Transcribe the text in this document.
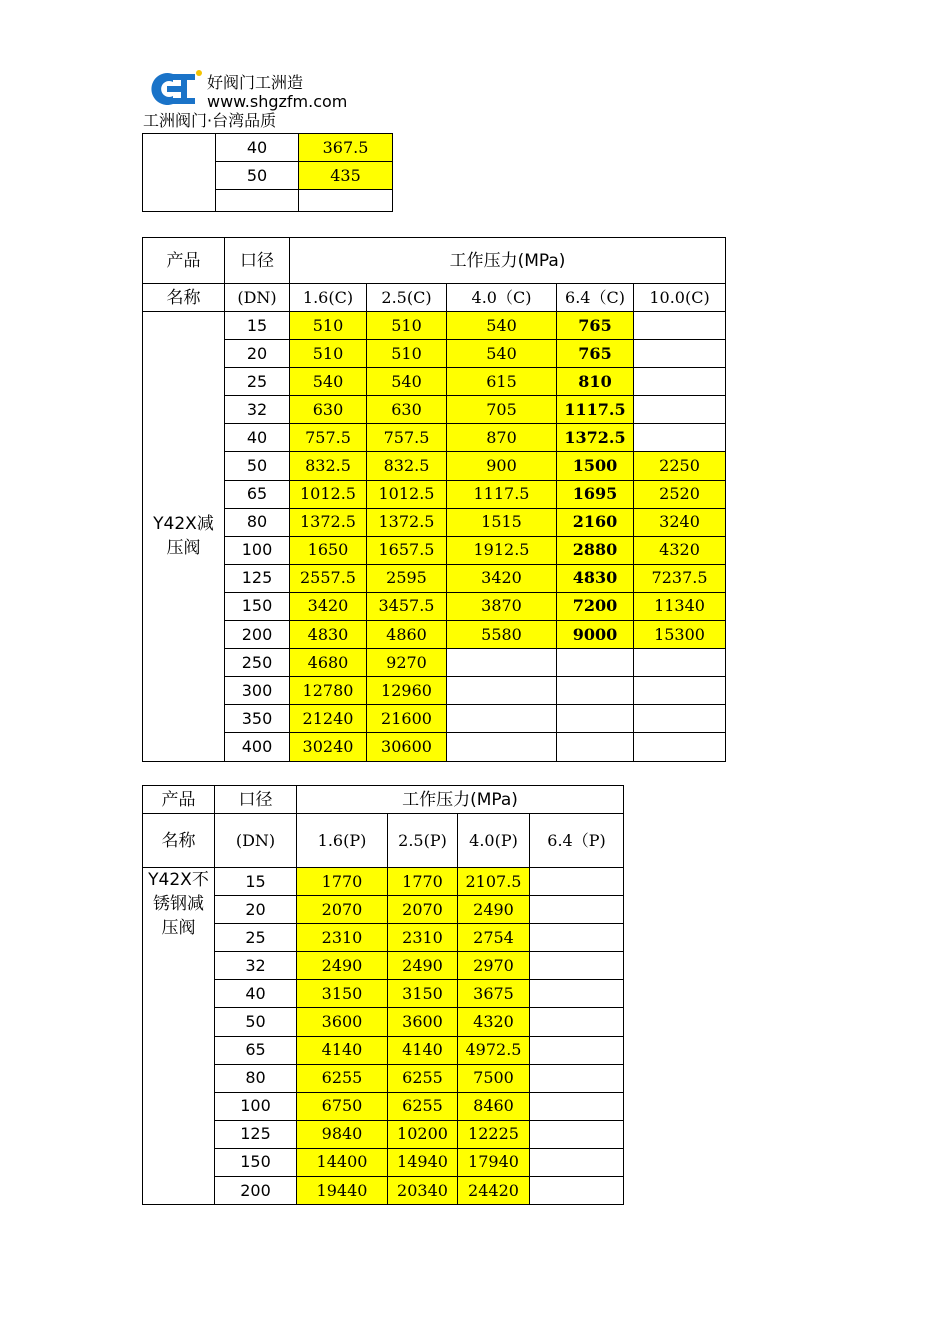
好阀门工洲造
www.shgzfm.com
工洲阀门·台湾品质
	40	367.5
	50	435

产品	口径	工作压力(MPa)				
名称	(DN)	1.6(C)	2.5(C)	4.0（C)	6.4（C)	10.0(C)
Y42X减压阀	15	510	510	540	765	
	20	510	510	540	765	
	25	540	540	615	810	
	32	630	630	705	1117.5	
	40	757.5	757.5	870	1372.5	
	50	832.5	832.5	900	1500	2250
	65	1012.5	1012.5	1117.5	1695	2520
	80	1372.5	1372.5	1515	2160	3240
	100	1650	1657.5	1912.5	2880	4320
	125	2557.5	2595	3420	4830	7237.5
	150	3420	3457.5	3870	7200	11340
	200	4830	4860	5580	9000	15300
	250	4680	9270			
	300	12780	12960			
	350	21240	21600			
	400	30240	30600			
产品	口径	工作压力(MPa)			
名称	(DN)	1.6(P)	2.5(P)	4.0(P)	6.4（P)
Y42X不锈钢减压阀	15	1770	1770	2107.5	
	20	2070	2070	2490	
	25	2310	2310	2754	
	32	2490	2490	2970	
	40	3150	3150	3675	
	50	3600	3600	4320	
	65	4140	4140	4972.5	
	80	6255	6255	7500	
	100	6750	6255	8460	
	125	9840	10200	12225	
	150	14400	14940	17940	
	200	19440	20340	24420	
